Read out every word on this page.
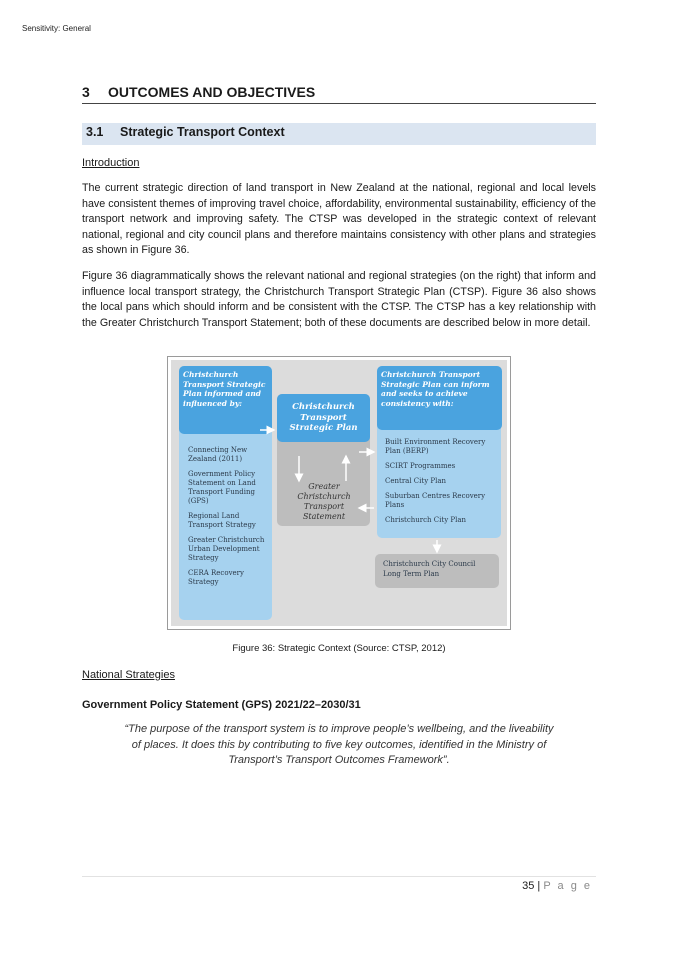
Sensitivity: General
3 OUTCOMES AND OBJECTIVES
3.1 Strategic Transport Context
Introduction
The current strategic direction of land transport in New Zealand at the national, regional and local levels have consistent themes of improving travel choice, affordability, environmental sustainability, efficiency of the transport network and improving safety. The CTSP was developed in the strategic context of relevant national, regional and city council plans and therefore maintains consistency with other plans and strategies as shown in Figure 36.
Figure 36 diagrammatically shows the relevant national and regional strategies (on the right) that inform and influence local transport strategy, the Christchurch Transport Strategic Plan (CTSP). Figure 36 also shows the local pans which should inform and be consistent with the CTSP. The CTSP has a key relationship with the Greater Christchurch Transport Statement; both of these documents are described below in more detail.
Christchurch Transport Strategic Plan informed and influenced by:
Connecting New Zealand (2011)
Government Policy Statement on Land Transport Funding (GPS)
Regional Land Transport Strategy
Greater Christchurch Urban Development Strategy
CERA Recovery Strategy
Christchurch Transport Strategic Plan
Greater Christchurch Transport Statement
Christchurch Transport Strategic Plan can inform and seeks to achieve consistency with:
Built Environment Recovery Plan (BERP)
SCIRT Programmes
Central City Plan
Suburban Centres Recovery Plans
Christchurch City Plan
Christchurch City Council Long Term Plan
Figure 36: Strategic Context (Source: CTSP, 2012)
National Strategies
Government Policy Statement (GPS) 2021/22–2030/31
“The purpose of the transport system is to improve people’s wellbeing, and the liveability of places. It does this by contributing to five key outcomes, identified in the Ministry of Transport’s Transport Outcomes Framework”.
35 | P a g e
